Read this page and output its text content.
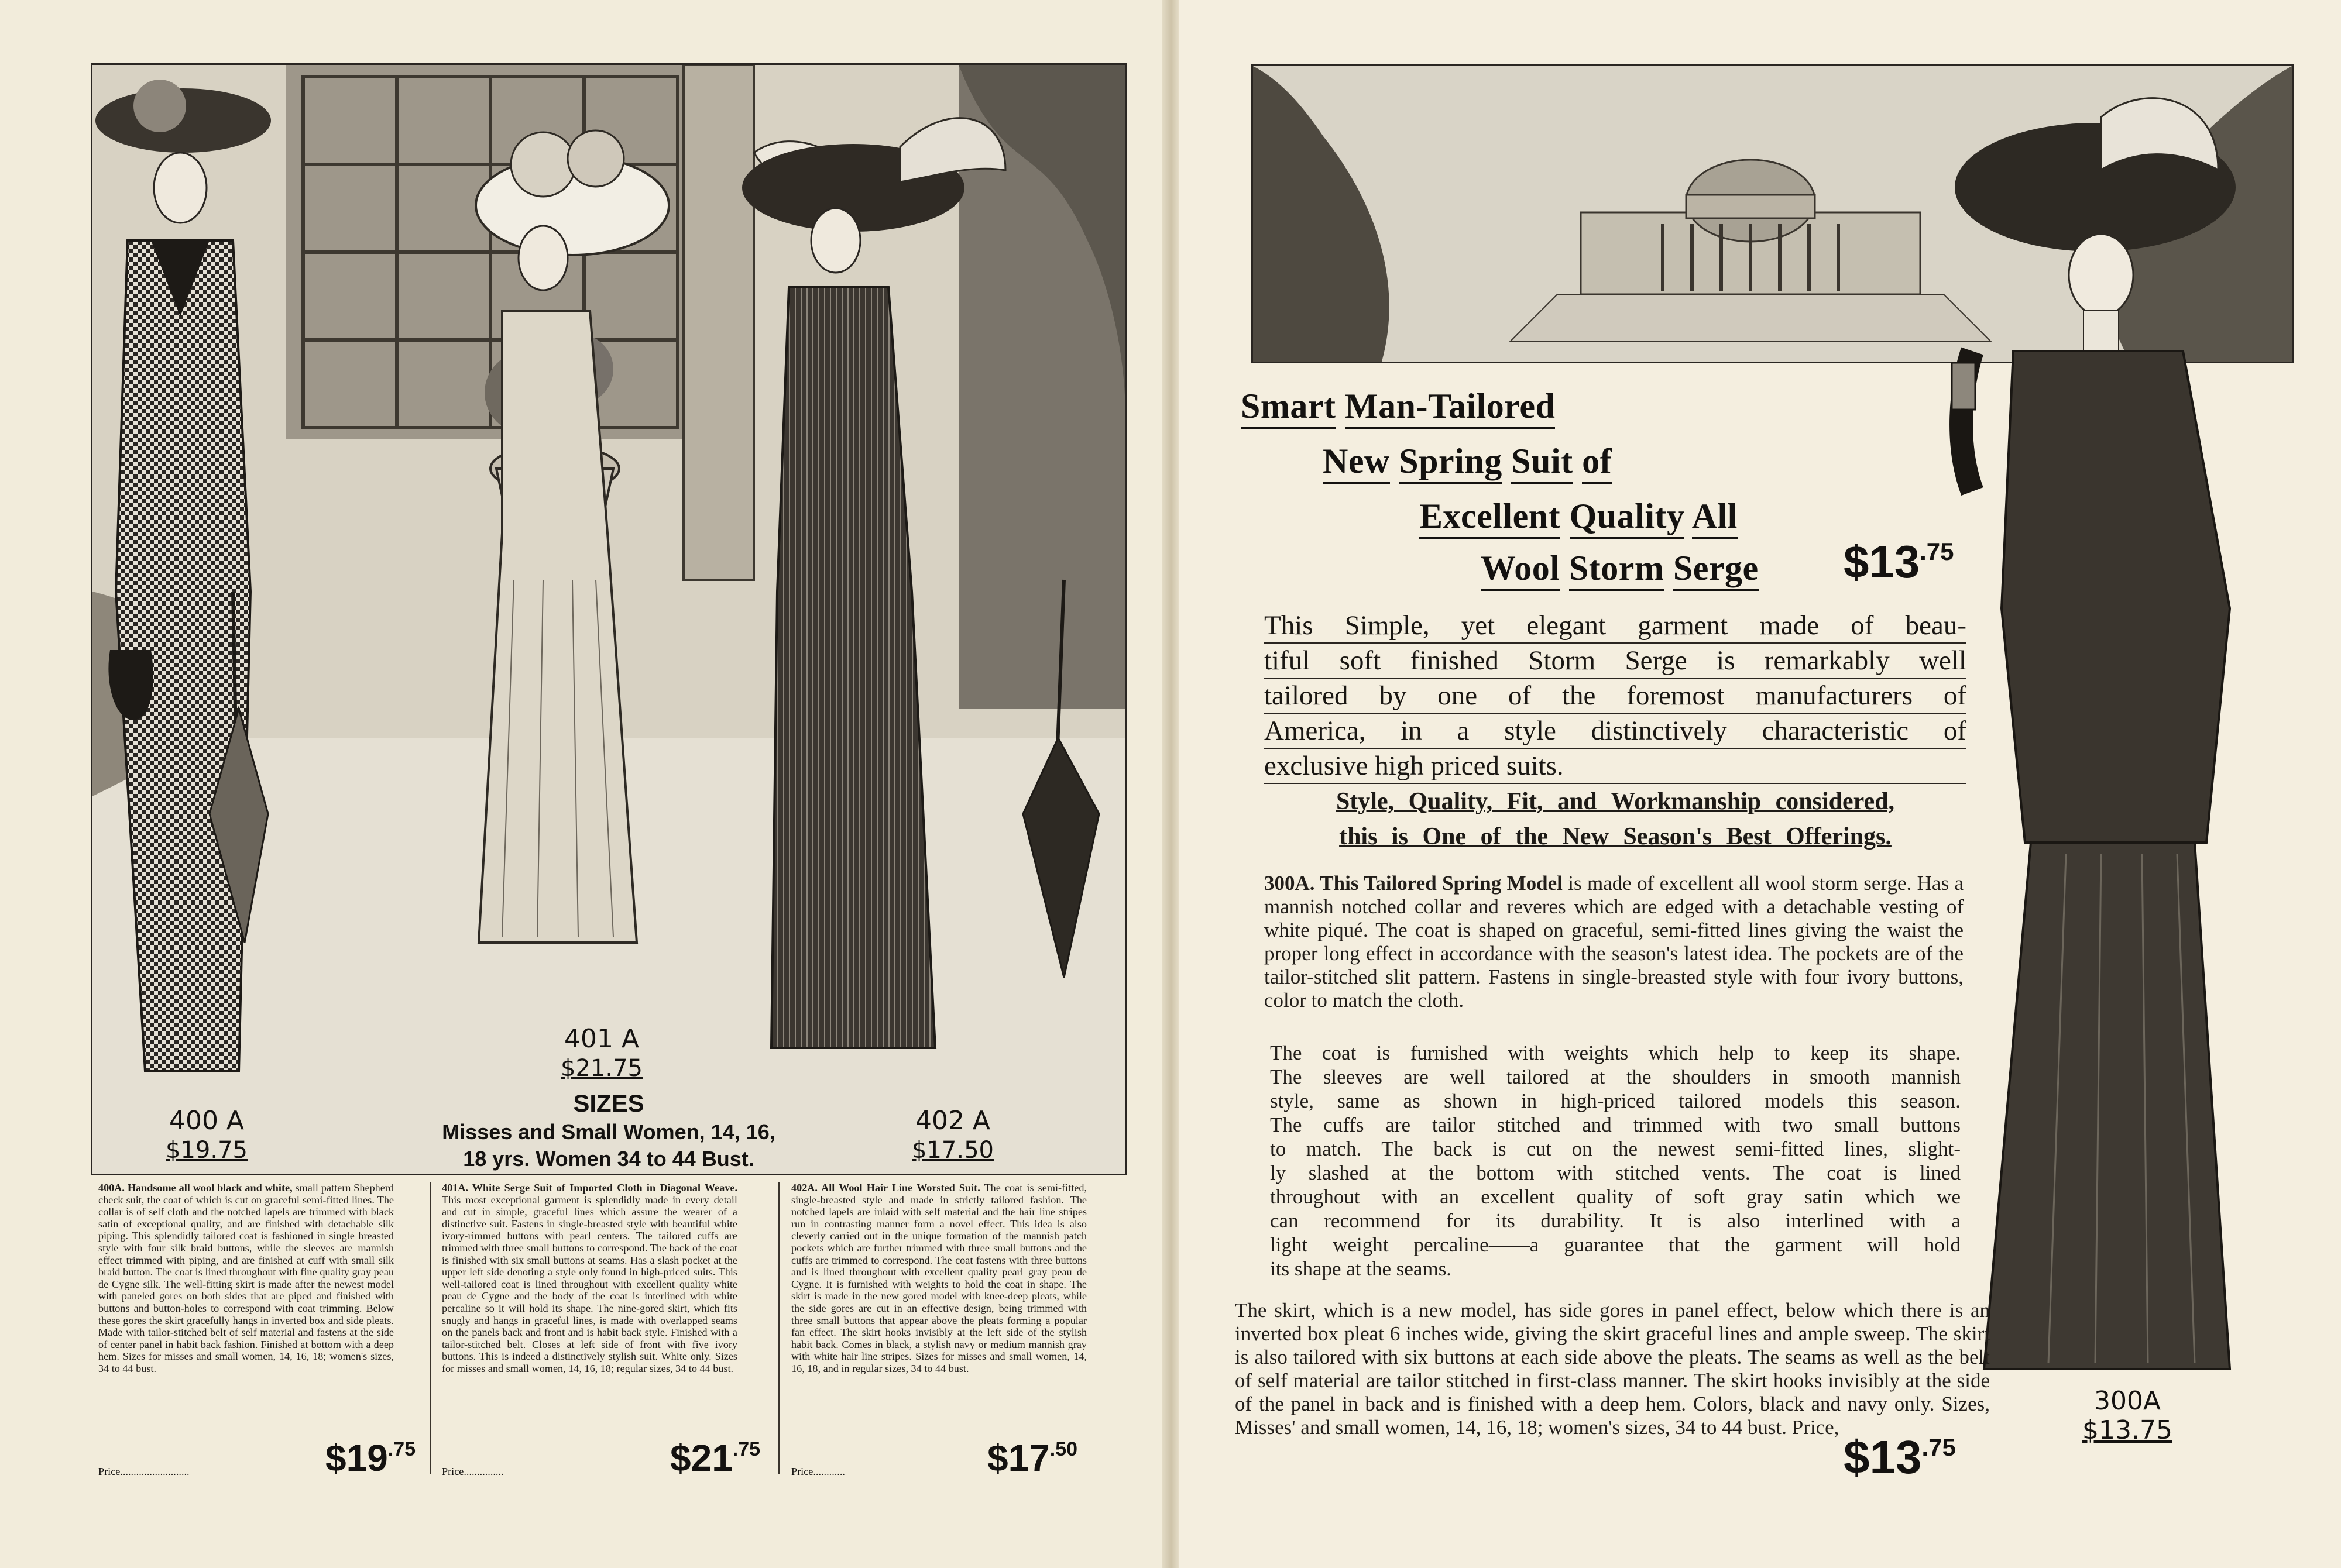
400 A
$19.75
401 A
$21.75
402 A
$17.50
SIZES
Misses and Small Women, 14, 16,
18 yrs. Women 34 to 44 Bust.
400A. Handsome all wool black and white, small pattern Shepherd check suit, the coat of which is cut on graceful semi-fitted lines. The collar is of self cloth and the notched lapels are trimmed with black satin of exceptional quality, and are finished with detachable silk piping. This splendidly tailored coat is fashioned in single breasted style with four silk braid buttons, while the sleeves are mannish effect trimmed with piping, and are finished at cuff with small silk braid button. The coat is lined throughout with fine quality gray peau de Cygne silk. The well-fitting skirt is made after the newest model with paneled gores on both sides that are piped and finished with buttons and button-holes to correspond with coat trimming. Below these gores the skirt gracefully hangs in inverted box and side pleats. Made with tailor-stitched belt of self material and fastens at the side of center panel in habit back fashion. Finished at bottom with a deep hem. Sizes for misses and small women, 14, 16, 18; women's sizes, 34 to 44 bust.
401A. White Serge Suit of Imported Cloth in Diagonal Weave. This most exceptional garment is splendidly made in every detail and cut in simple, graceful lines which assure the wearer of a distinctive suit. Fastens in single-breasted style with beautiful white ivory-rimmed buttons with pearl centers. The tailored cuffs are trimmed with three small buttons to correspond. The back of the coat is finished with six small buttons at seams. Has a slash pocket at the upper left side denoting a style only found in high-priced suits. This well-tailored coat is lined throughout with excellent quality white peau de Cygne and the body of the coat is interlined with white percaline so it will hold its shape. The nine-gored skirt, which fits snugly and hangs in graceful lines, is made with overlapped seams on the panels back and front and is habit back style. Finished with a tailor-stitched belt. Closes at left side of front with five ivory buttons. This is indeed a distinctively stylish suit. White only. Sizes for misses and small women, 14, 16, 18; regular sizes, 34 to 44 bust.
402A. All Wool Hair Line Worsted Suit. The coat is semi-fitted, single-breasted style and made in strictly tailored fashion. The notched lapels are inlaid with self material and the hair line stripes run in contrasting manner form a novel effect. This idea is also cleverly carried out in the unique formation of the mannish patch pockets which are further trimmed with three small buttons and the cuffs are trimmed to correspond. The coat fastens with three buttons and is lined throughout with excellent quality pearl gray peau de Cygne. It is furnished with weights to hold the coat in shape. The skirt is made in the new gored model with knee-deep pleats, while the side gores are cut in an effective design, being trimmed with three small buttons that appear above the pleats forming a popular fan effect. The skirt hooks invisibly at the left side of the stylish habit back. Comes in black, a stylish navy or medium mannish gray with white hair line stripes. Sizes for misses and small women, 14, 16, 18, and in regular sizes, 34 to 44 bust.
Price..........................	$\$19^{.75}$
Price...............	$\$21^{.75}$
Price............	$\$17^{.50}$
300A
$13.75
Smart Man-Tailored
New Spring Suit of
Excellent Quality All
Wool Storm Serge $\$13^{.75}$
This Simple, yet elegant garment made of beau-
tiful soft finished Storm Serge is remarkably well
tailored by one of the foremost manufacturers of
America, in a style distinctively characteristic of
exclusive high priced suits.
Style, Quality, Fit, and Workmanship considered,
this is One of the New Season's Best Offerings.
300A. This Tailored Spring Model is made of excellent all wool storm serge. Has a mannish notched collar and reveres which are edged with a detachable vesting of white piqué. The coat is shaped on graceful, semi-fitted lines giving the waist the proper long effect in accordance with the season's latest idea. The pockets are of the tailor-stitched slit pattern. Fastens in single-breasted style with four ivory buttons, color to match the cloth.
The coat is furnished with weights which help to keep its shape.
The sleeves are well tailored at the shoulders in smooth mannish
style, same as shown in high-priced tailored models this season.
The cuffs are tailor stitched and trimmed with two small buttons
to match. The back is cut on the newest semi-fitted lines, slight-
ly slashed at the bottom with stitched vents. The coat is lined
throughout with an excellent quality of soft gray satin which we
can recommend for its durability. It is also interlined with a
light weight percaline——a guarantee that the garment will hold
its shape at the seams.
The skirt, which is a new model, has side gores in panel effect, below which there is an inverted box pleat 6 inches wide, giving the skirt graceful lines and ample sweep. The skirt is also tailored with six buttons at each side above the pleats. The seams as well as the belt of self material are tailor stitched in first-class manner. The skirt hooks invisibly at the side of the panel in back and is finished with a deep hem. Colors, black and navy only. Sizes, Misses' and small women, 14, 16, 18; women's sizes, 34 to 44 bust. Price,
$\$13^{.75}$
